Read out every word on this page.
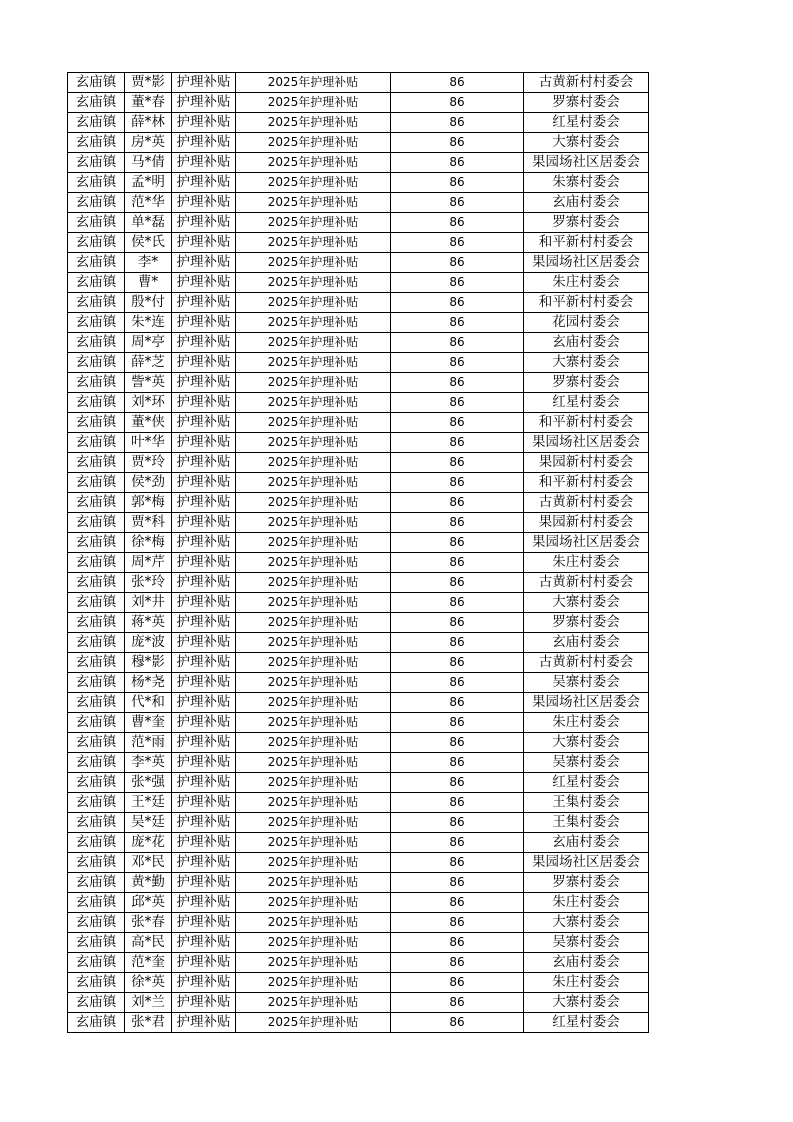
玄庙镇	贾*影	护理补贴	2025年护理补贴	86	古黄新村村委会
玄庙镇	董*春	护理补贴	2025年护理补贴	86	罗寨村委会
玄庙镇	薛*林	护理补贴	2025年护理补贴	86	红星村委会
玄庙镇	房*英	护理补贴	2025年护理补贴	86	大寨村委会
玄庙镇	马*倩	护理补贴	2025年护理补贴	86	果园场社区居委会
玄庙镇	孟*明	护理补贴	2025年护理补贴	86	朱寨村委会
玄庙镇	范*华	护理补贴	2025年护理补贴	86	玄庙村委会
玄庙镇	单*磊	护理补贴	2025年护理补贴	86	罗寨村委会
玄庙镇	侯*氏	护理补贴	2025年护理补贴	86	和平新村村委会
玄庙镇	李*	护理补贴	2025年护理补贴	86	果园场社区居委会
玄庙镇	曹*	护理补贴	2025年护理补贴	86	朱庄村委会
玄庙镇	殷*付	护理补贴	2025年护理补贴	86	和平新村村委会
玄庙镇	朱*连	护理补贴	2025年护理补贴	86	花园村委会
玄庙镇	周*亭	护理补贴	2025年护理补贴	86	玄庙村委会
玄庙镇	薛*芝	护理补贴	2025年护理补贴	86	大寨村委会
玄庙镇	訾*英	护理补贴	2025年护理补贴	86	罗寨村委会
玄庙镇	刘*环	护理补贴	2025年护理补贴	86	红星村委会
玄庙镇	董*侠	护理补贴	2025年护理补贴	86	和平新村村委会
玄庙镇	叶*华	护理补贴	2025年护理补贴	86	果园场社区居委会
玄庙镇	贾*玲	护理补贴	2025年护理补贴	86	果园新村村委会
玄庙镇	侯*劲	护理补贴	2025年护理补贴	86	和平新村村委会
玄庙镇	郭*梅	护理补贴	2025年护理补贴	86	古黄新村村委会
玄庙镇	贾*科	护理补贴	2025年护理补贴	86	果园新村村委会
玄庙镇	徐*梅	护理补贴	2025年护理补贴	86	果园场社区居委会
玄庙镇	周*芹	护理补贴	2025年护理补贴	86	朱庄村委会
玄庙镇	张*玲	护理补贴	2025年护理补贴	86	古黄新村村委会
玄庙镇	刘*井	护理补贴	2025年护理补贴	86	大寨村委会
玄庙镇	蒋*英	护理补贴	2025年护理补贴	86	罗寨村委会
玄庙镇	庞*波	护理补贴	2025年护理补贴	86	玄庙村委会
玄庙镇	穆*影	护理补贴	2025年护理补贴	86	古黄新村村委会
玄庙镇	杨*尧	护理补贴	2025年护理补贴	86	吴寨村委会
玄庙镇	代*和	护理补贴	2025年护理补贴	86	果园场社区居委会
玄庙镇	曹*奎	护理补贴	2025年护理补贴	86	朱庄村委会
玄庙镇	范*雨	护理补贴	2025年护理补贴	86	大寨村委会
玄庙镇	李*英	护理补贴	2025年护理补贴	86	吴寨村委会
玄庙镇	张*强	护理补贴	2025年护理补贴	86	红星村委会
玄庙镇	王*廷	护理补贴	2025年护理补贴	86	王集村委会
玄庙镇	吴*廷	护理补贴	2025年护理补贴	86	王集村委会
玄庙镇	庞*花	护理补贴	2025年护理补贴	86	玄庙村委会
玄庙镇	邓*民	护理补贴	2025年护理补贴	86	果园场社区居委会
玄庙镇	黄*勤	护理补贴	2025年护理补贴	86	罗寨村委会
玄庙镇	邱*英	护理补贴	2025年护理补贴	86	朱庄村委会
玄庙镇	张*春	护理补贴	2025年护理补贴	86	大寨村委会
玄庙镇	高*民	护理补贴	2025年护理补贴	86	吴寨村委会
玄庙镇	范*奎	护理补贴	2025年护理补贴	86	玄庙村委会
玄庙镇	徐*英	护理补贴	2025年护理补贴	86	朱庄村委会
玄庙镇	刘*兰	护理补贴	2025年护理补贴	86	大寨村委会
玄庙镇	张*君	护理补贴	2025年护理补贴	86	红星村委会
